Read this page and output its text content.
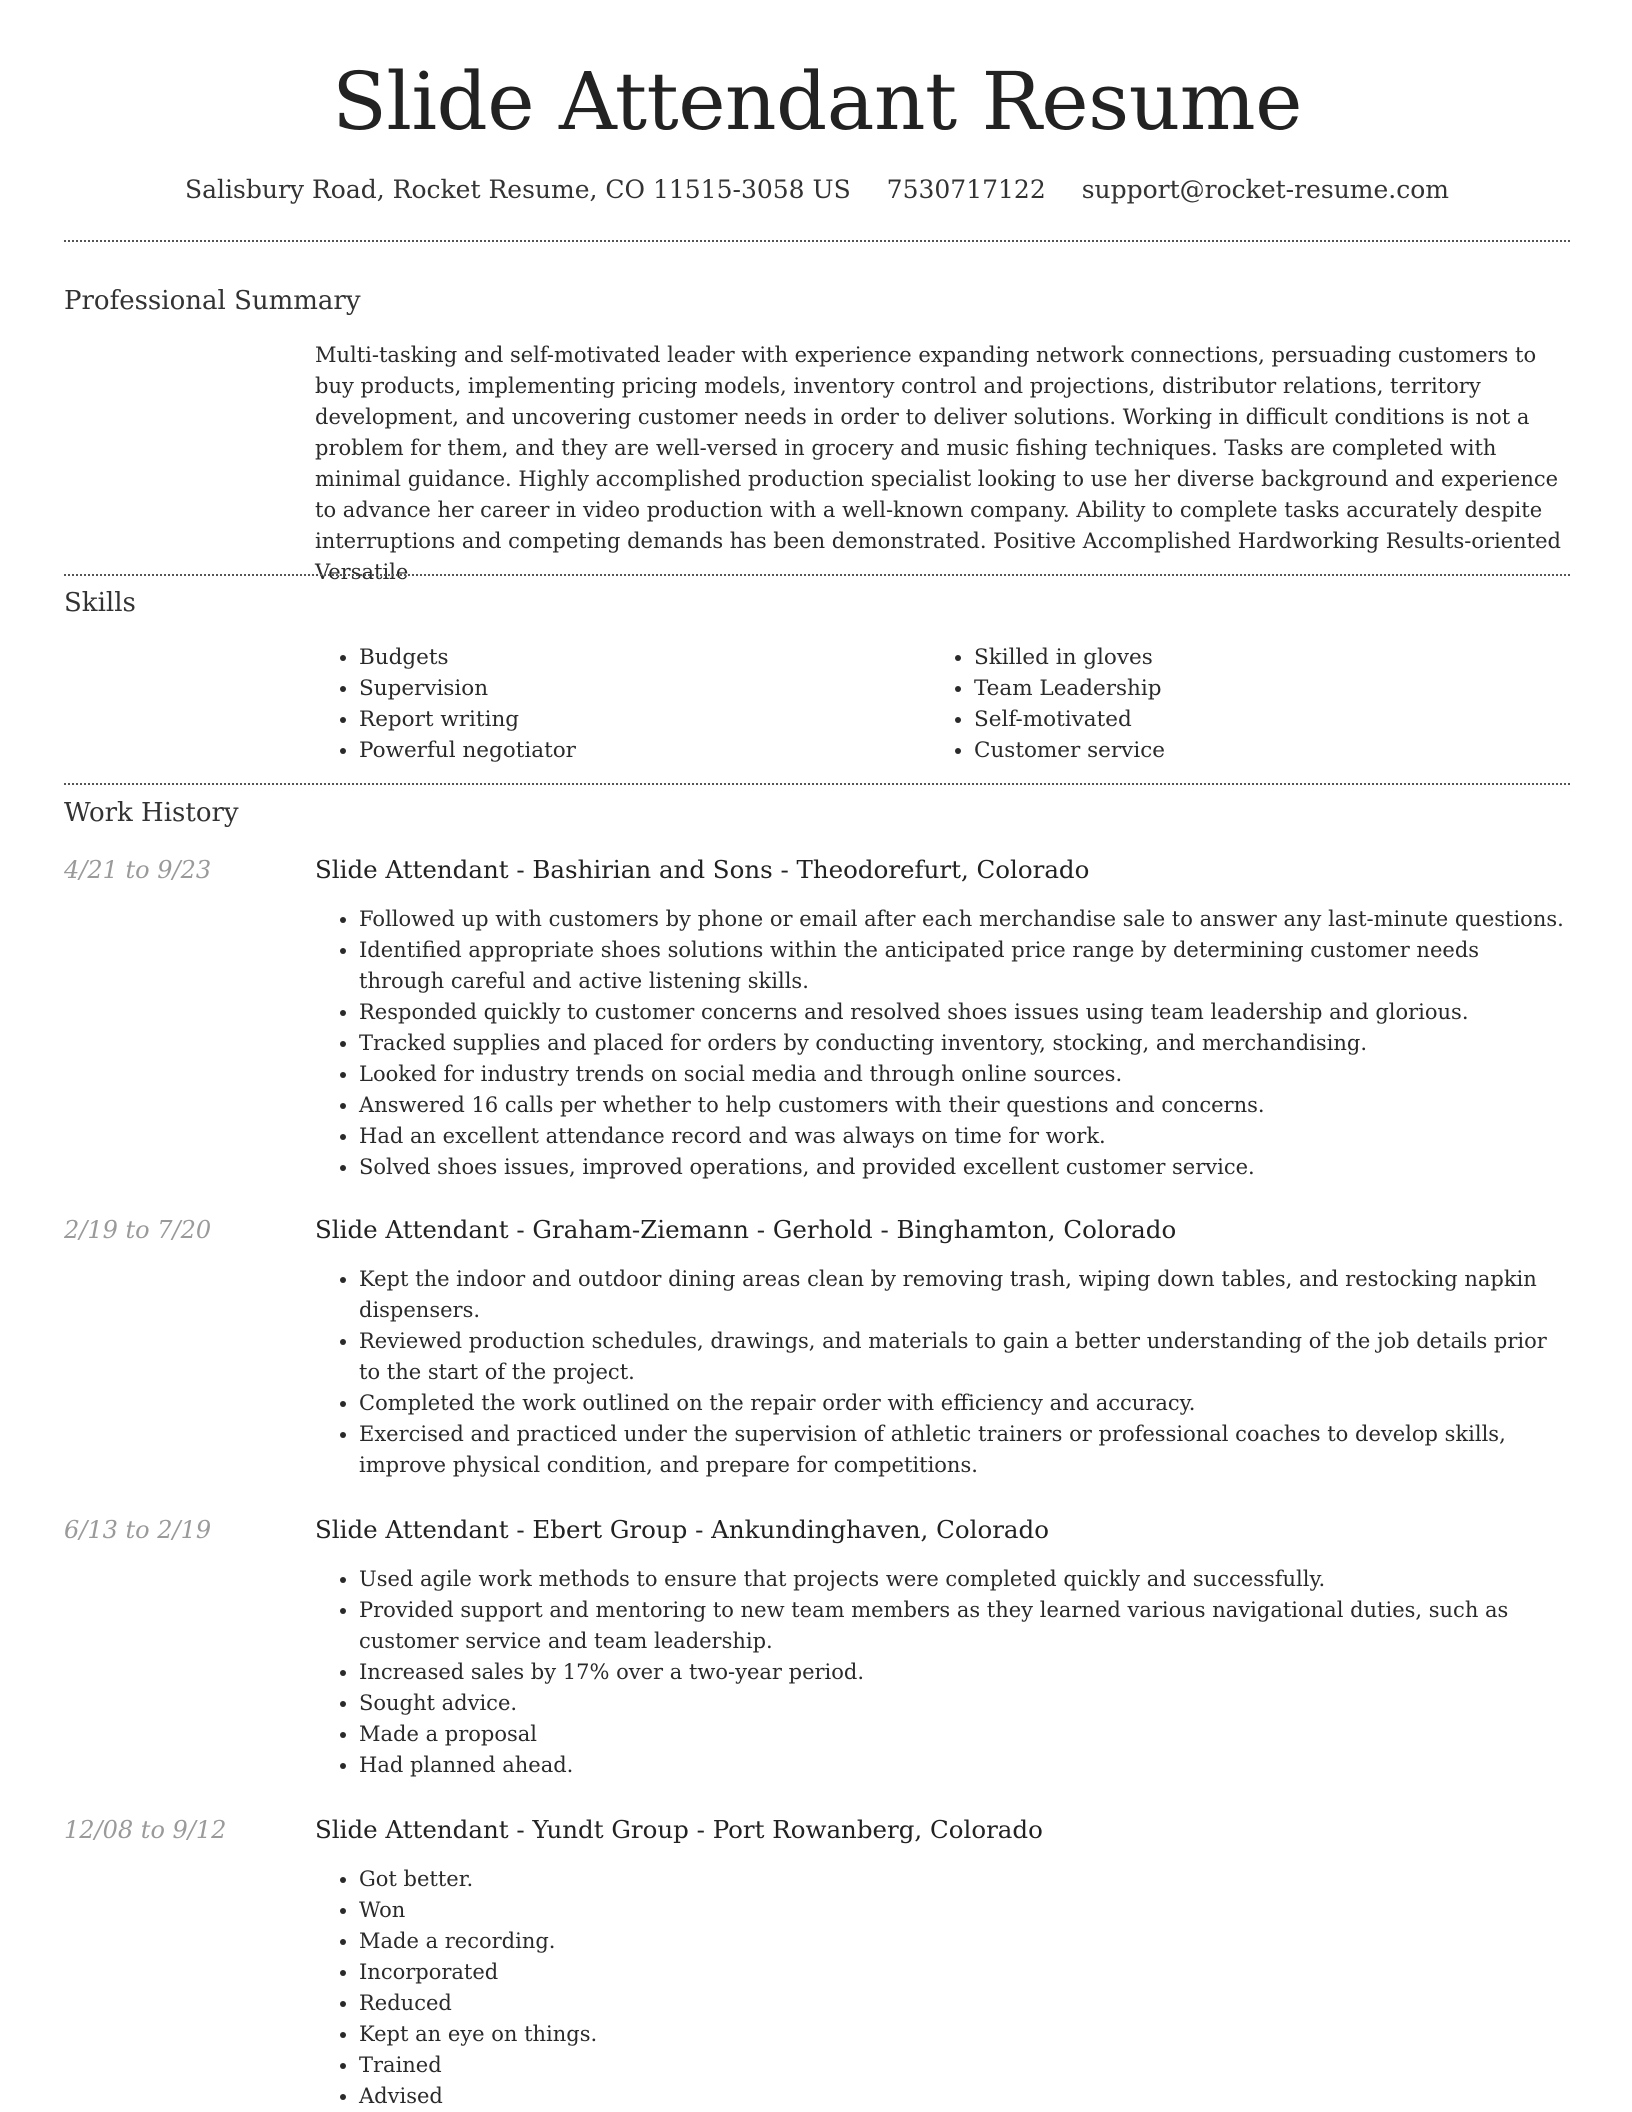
Slide Attendant Resume
Salisbury Road, Rocket Resume, CO 11515-3058 US 7530717122 support@rocket-resume.com
Professional Summary
Multi-tasking and self-motivated leader with experience expanding network connections, persuading customers to buy products, implementing pricing models, inventory control and projections, distributor relations, territory development, and uncovering customer needs in order to deliver solutions. Working in difficult conditions is not a problem for them, and they are well-versed in grocery and music fishing techniques. Tasks are completed with minimal guidance. Highly accomplished production specialist looking to use her diverse background and experience to advance her career in video production with a well-known company. Ability to complete tasks accurately despite interruptions and competing demands has been demonstrated. Positive Accomplished Hardworking Results-oriented Versatile
Skills
• Budgets
• Supervision
• Report writing
• Powerful negotiator
• Skilled in gloves
• Team Leadership
• Self-motivated
• Customer service
Work History
4/21 to 9/23	Slide Attendant - Bashirian and Sons - Theodorefurt, Colorado
• Followed up with customers by phone or email after each merchandise sale to answer any last-minute questions.
• Identified appropriate shoes solutions within the anticipated price range by determining customer needs through careful and active listening skills.
• Responded quickly to customer concerns and resolved shoes issues using team leadership and glorious.
• Tracked supplies and placed for orders by conducting inventory, stocking, and merchandising.
• Looked for industry trends on social media and through online sources.
• Answered 16 calls per whether to help customers with their questions and concerns.
• Had an excellent attendance record and was always on time for work.
• Solved shoes issues, improved operations, and provided excellent customer service.
2/19 to 7/20	Slide Attendant - Graham-Ziemann - Gerhold - Binghamton, Colorado
• Kept the indoor and outdoor dining areas clean by removing trash, wiping down tables, and restocking napkin dispensers.
• Reviewed production schedules, drawings, and materials to gain a better understanding of the job details prior to the start of the project.
• Completed the work outlined on the repair order with efficiency and accuracy.
• Exercised and practiced under the supervision of athletic trainers or professional coaches to develop skills, improve physical condition, and prepare for competitions.
6/13 to 2/19	Slide Attendant - Ebert Group - Ankundinghaven, Colorado
• Used agile work methods to ensure that projects were completed quickly and successfully.
• Provided support and mentoring to new team members as they learned various navigational duties, such as customer service and team leadership.
• Increased sales by 17% over a two-year period.
• Sought advice.
• Made a proposal
• Had planned ahead.
12/08 to 9/12	Slide Attendant - Yundt Group - Port Rowanberg, Colorado
• Got better.
• Won
• Made a recording.
• Incorporated
• Reduced
• Kept an eye on things.
• Trained
• Advised
